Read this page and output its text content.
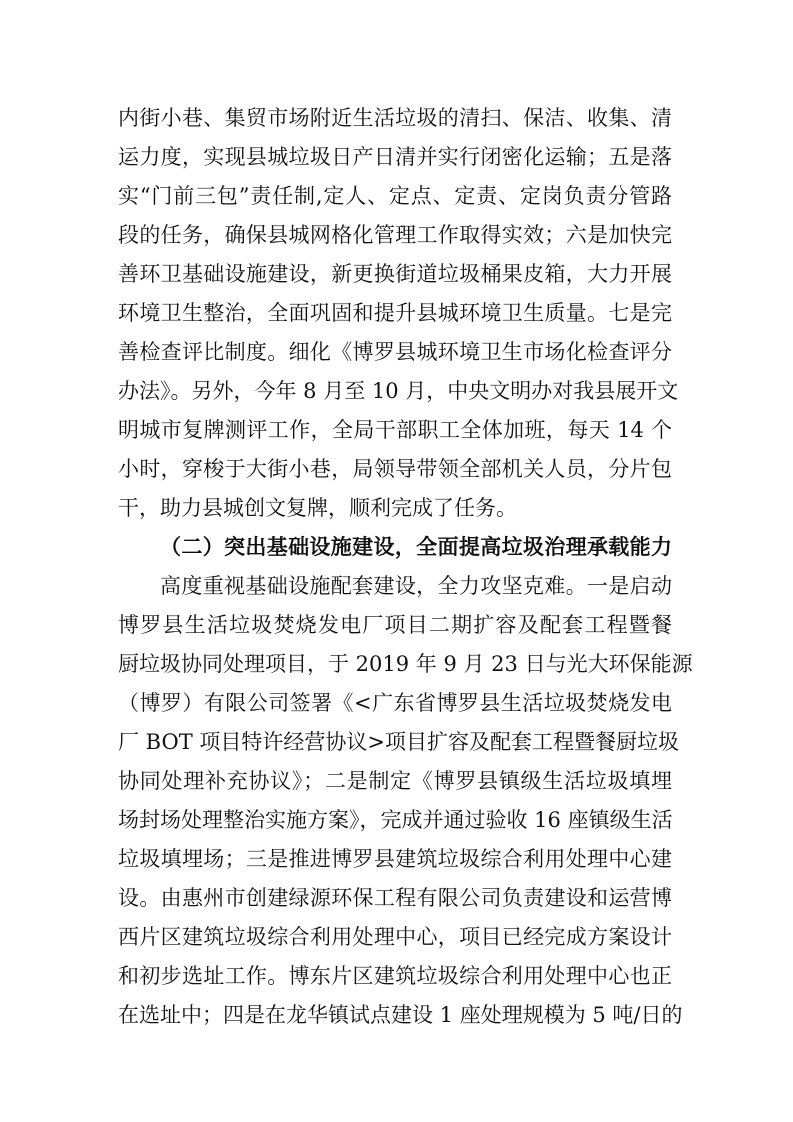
内街小巷、集贸市场附近生活垃圾的清扫、保洁、收集、清
运力度，实现县城垃圾日产日清并实行闭密化运输；五是落
实“门前三包”责任制,定人、定点、定责、定岗负责分管路
段的任务，确保县城网格化管理工作取得实效；六是加快完
善环卫基础设施建设，新更换街道垃圾桶果皮箱，大力开展
环境卫生整治，全面巩固和提升县城环境卫生质量。七是完
善检查评比制度。细化《博罗县城环境卫生市场化检查评分
办法》。另外，今年 8 月至 10 月，中央文明办对我县展开文
明城市复牌测评工作，全局干部职工全体加班，每天 14 个
小时，穿梭于大街小巷，局领导带领全部机关人员，分片包
干，助力县城创文复牌，顺利完成了任务。
（二）突出基础设施建设，全面提高垃圾治理承载能力
高度重视基础设施配套建设，全力攻坚克难。一是启动
博罗县生活垃圾焚烧发电厂项目二期扩容及配套工程暨餐
厨垃圾协同处理项目，于 2019 年 9 月 23 日与光大环保能源
（博罗）有限公司签署《<广东省博罗县生活垃圾焚烧发电
厂 BOT 项目特许经营协议>项目扩容及配套工程暨餐厨垃圾
协同处理补充协议》；二是制定《博罗县镇级生活垃圾填埋
场封场处理整治实施方案》，完成并通过验收 16 座镇级生活
垃圾填埋场；三是推进博罗县建筑垃圾综合利用处理中心建
设。由惠州市创建绿源环保工程有限公司负责建设和运营博
西片区建筑垃圾综合利用处理中心，项目已经完成方案设计
和初步选址工作。博东片区建筑垃圾综合利用处理中心也正
在选址中；四是在龙华镇试点建设 1 座处理规模为 5 吨/日的
